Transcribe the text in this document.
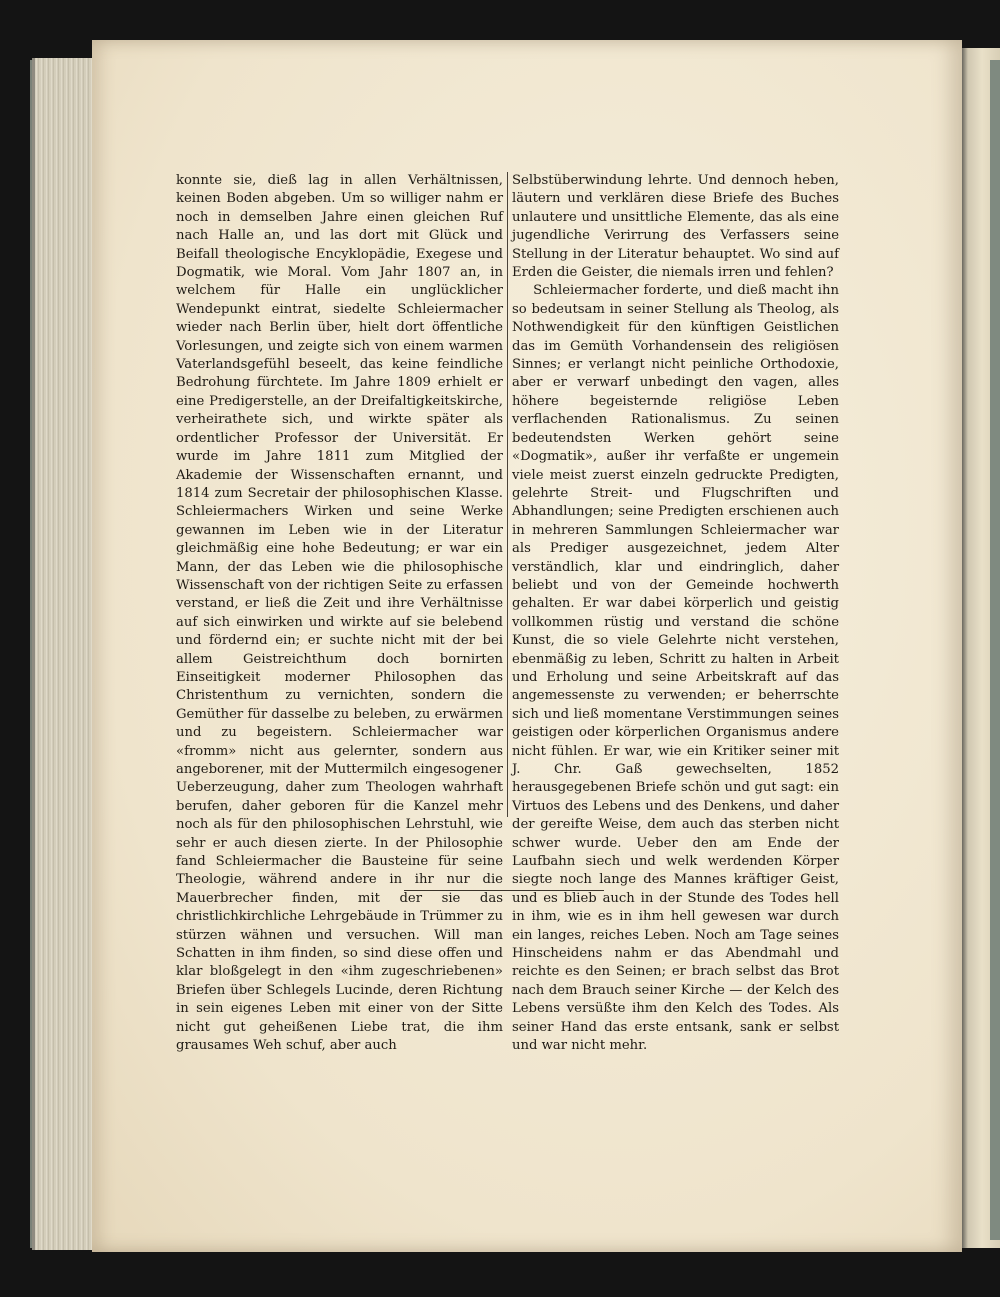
konnte sie, dieß lag in allen Verhältnissen, keinen Boden abgeben. Um so williger nahm er noch in demselben Jahre einen gleichen Ruf nach Halle an, und las dort mit Glück und Beifall theologische Encyklopädie, Exegese und Dogmatik, wie Moral. Vom Jahr 1807 an, in welchem für Halle ein unglücklicher Wendepunkt eintrat, siedelte Schleiermacher wieder nach Berlin über, hielt dort öffentliche Vorlesungen, und zeigte sich von einem warmen Vaterlandsgefühl beseelt, das keine feindliche Bedrohung fürchtete. Im Jahre 1809 erhielt er eine Predigerstelle, an der Dreifaltigkeitskirche, verheirathete sich, und wirkte später als ordentlicher Professor der Universität. Er wurde im Jahre 1811 zum Mitglied der Akademie der Wissenschaften ernannt, und 1814 zum Secretair der philosophischen Klasse. Schleiermachers Wirken und seine Werke gewannen im Leben wie in der Literatur gleichmäßig eine hohe Bedeutung; er war ein Mann, der das Leben wie die philosophische Wissenschaft von der richtigen Seite zu erfassen verstand, er ließ die Zeit und ihre Verhältnisse auf sich einwirken und wirkte auf sie belebend und fördernd ein; er suchte nicht mit der bei allem Geistreichthum doch bornirten Einseitigkeit moderner Philosophen das Christenthum zu vernichten, sondern die Gemüther für dasselbe zu beleben, zu erwärmen und zu begeistern. Schleiermacher war «fromm» nicht aus gelernter, sondern aus angeborener, mit der Muttermilch eingesogener Ueberzeugung, daher zum Theologen wahrhaft berufen, daher geboren für die Kanzel mehr noch als für den philosophischen Lehrstuhl, wie sehr er auch diesen zierte. In der Philosophie fand Schleiermacher die Bausteine für seine Theologie, während andere in ihr nur die Mauerbrecher finden, mit der sie das christlichkirchliche Lehrgebäude in Trümmer zu stürzen wähnen und versuchen. Will man Schatten in ihm finden, so sind diese offen und klar bloßgelegt in den «ihm zugeschriebenen» Briefen über Schlegels Lucinde, deren Richtung in sein eigenes Leben mit einer von der Sitte nicht gut geheißenen Liebe trat, die ihm grausames Weh schuf, aber auch

Selbstüberwindung lehrte. Und dennoch heben, läutern und verklären diese Briefe des Buches unlautere und unsittliche Elemente, das als eine jugendliche Verirrung des Verfassers seine Stellung in der Literatur behauptet. Wo sind auf Erden die Geister, die niemals irren und fehlen?

Schleiermacher forderte, und dieß macht ihn so bedeutsam in seiner Stellung als Theolog, als Nothwendigkeit für den künftigen Geistlichen das im Gemüth Vorhandensein des religiösen Sinnes; er verlangt nicht peinliche Orthodoxie, aber er verwarf unbedingt den vagen, alles höhere begeisternde religiöse Leben verflachenden Rationalismus. Zu seinen bedeutendsten Werken gehört seine «Dogmatik», außer ihr verfaßte er ungemein viele meist zuerst einzeln gedruckte Predigten, gelehrte Streit- und Flugschriften und Abhandlungen; seine Predigten erschienen auch in mehreren Sammlungen Schleiermacher war als Prediger ausgezeichnet, jedem Alter verständlich, klar und eindringlich, daher beliebt und von der Gemeinde hochwerth gehalten. Er war dabei körperlich und geistig vollkommen rüstig und verstand die schöne Kunst, die so viele Gelehrte nicht verstehen, ebenmäßig zu leben, Schritt zu halten in Arbeit und Erholung und seine Arbeitskraft auf das angemessenste zu verwenden; er beherrschte sich und ließ momentane Verstimmungen seines geistigen oder körperlichen Organismus andere nicht fühlen. Er war, wie ein Kritiker seiner mit J. Chr. Gaß gewechselten, 1852 herausgegebenen Briefe schön und gut sagt: ein Virtuos des Lebens und des Denkens, und daher der gereifte Weise, dem auch das sterben nicht schwer wurde. Ueber den am Ende der Laufbahn siech und welk werdenden Körper siegte noch lange des Mannes kräftiger Geist, und es blieb auch in der Stunde des Todes hell in ihm, wie es in ihm hell gewesen war durch ein langes, reiches Leben. Noch am Tage seines Hinscheidens nahm er das Abendmahl und reichte es den Seinen; er brach selbst das Brot nach dem Brauch seiner Kirche — der Kelch des Lebens versüßte ihm den Kelch des Todes. Als seiner Hand das erste entsank, sank er selbst und war nicht mehr.
